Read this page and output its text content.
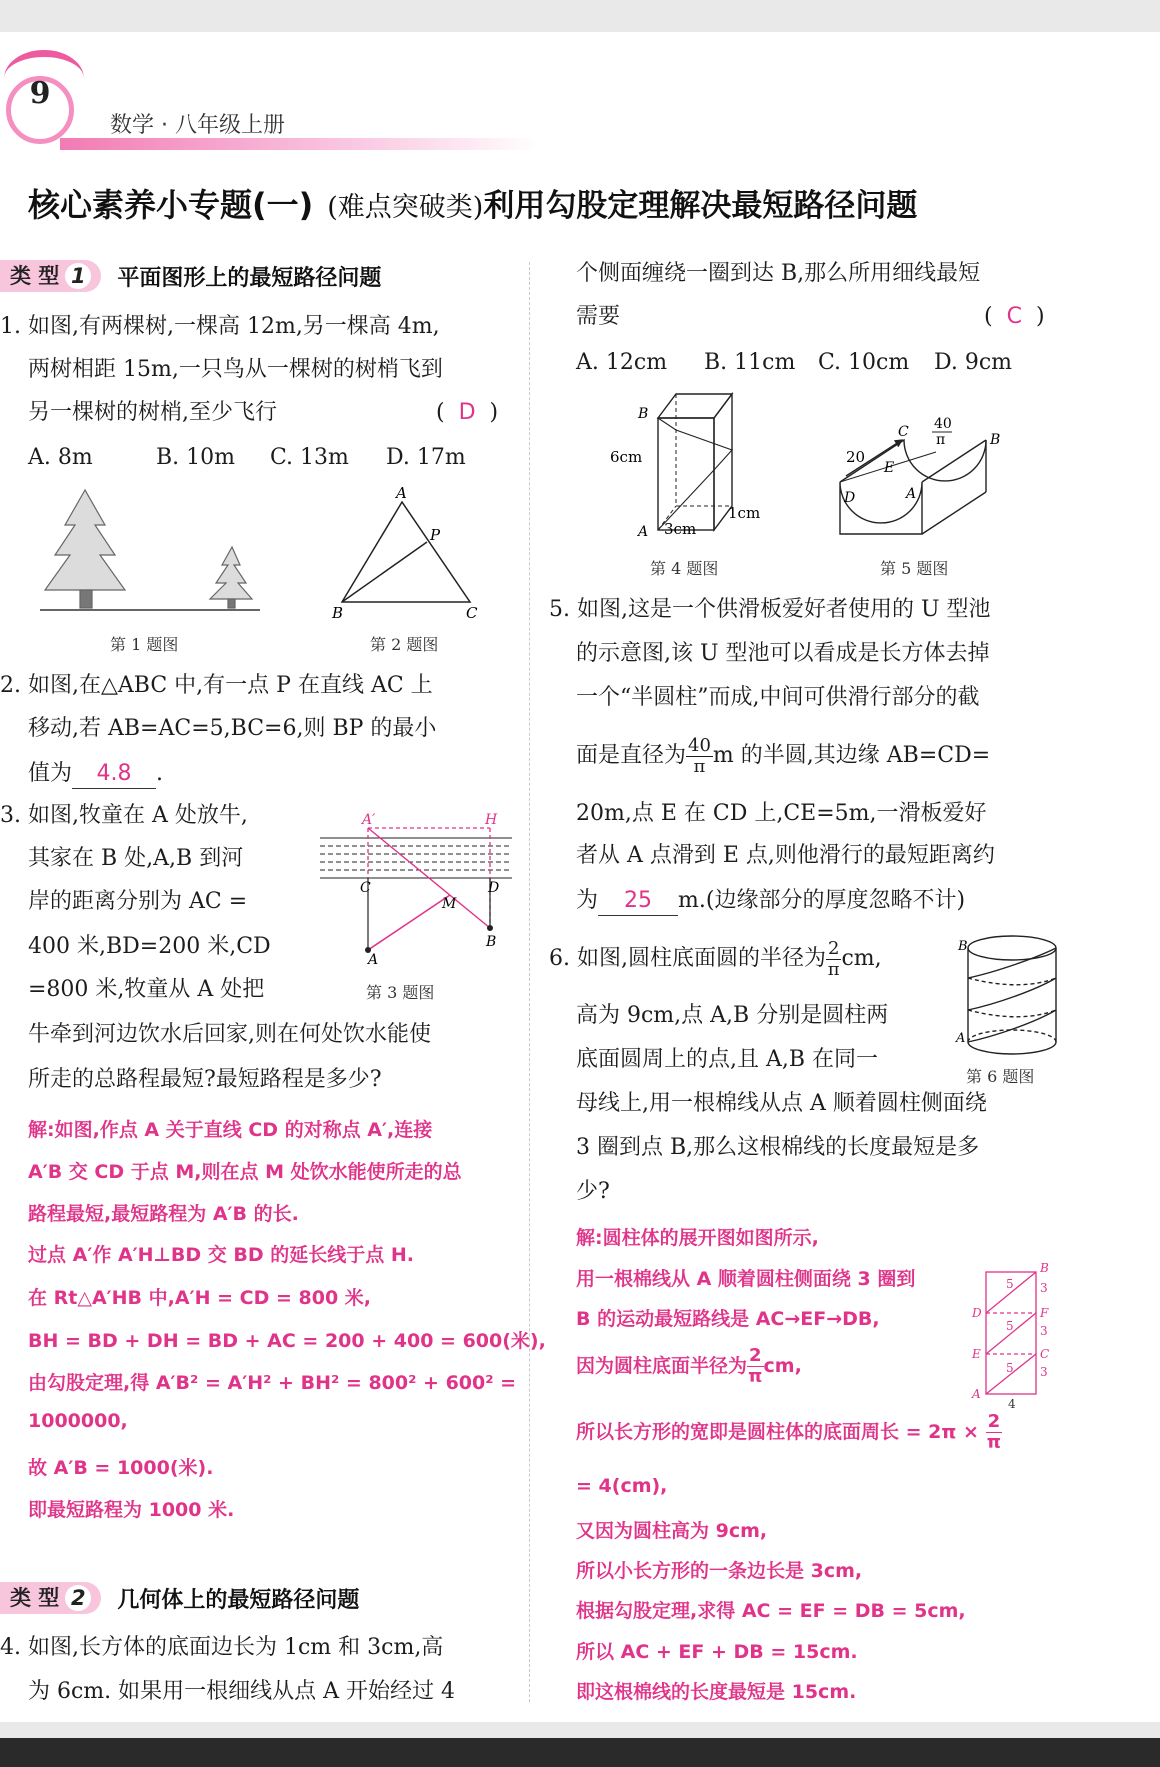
9
数学 · 八年级上册
核心素养小专题(一) (难点突破类)利用勾股定理解决最短路径问题
类 型 1	平面图形上的最短路径问题
1. 如图,有两棵树,一棵高 12m,另一棵高 4m,
两树相距 15m,一只鸟从一棵树的树梢飞到
另一棵树的树梢,至少飞行	( D )
A. 8m	B. 10m C. 13m D. 17m
第 1 题图
A
P
B	C
第 2 题图
2. 如图,在△ABC 中,有一点 P 在直线 AC 上
移动,若 AB=AC=5,BC=6,则 BP 的最小
值为 4.8 .
3. 如图,牧童在 A 处放牛,
其家在 B 处,A,B 到河
岸的距离分别为 AC =
400 米,BD=200 米,CD
=800 米,牧童从 A 处把
牛牵到河边饮水后回家,则在何处饮水能使
所走的总路程最短?最短路程是多少?
A′	H
C	D
M
A
B
第 3 题图
解:如图,作点 A 关于直线 CD 的对称点 A′,连接
A′B 交 CD 于点 M,则在点 M 处饮水能使所走的总
路程最短,最短路程为 A′B 的长.
过点 A′作 A′H⊥BD 交 BD 的延长线于点 H.
在 Rt△A′HB 中,A′H = CD = 800 米,
BH = BD + DH = BD + AC = 200 + 400 = 600(米),
由勾股定理,得 A′B² = A′H² + BH² = 800² + 600² =
1000000,
故 A′B = 1000(米).
即最短路程为 1000 米.
类 型 2	几何体上的最短路径问题
4. 如图,长方体的底面边长为 1cm 和 3cm,高
为 6cm. 如果用一根细线从点 A 开始经过 4
个侧面缠绕一圈到达 B,那么所用细线最短
需要	( C )
A. 12cm B. 11cm C. 10cm D. 9cm
B
6cm
A 3cm
1cm
第 4 题图
40
π
C	B
20
E
D	A
第 5 题图
5. 如图,这是一个供滑板爱好者使用的 U 型池
的示意图,该 U 型池可以看成是长方体去掉
一个“半圆柱”而成,中间可供滑行部分的截
面是直径为 $\frac{40}{\pi}$ m 的半圆,其边缘 AB=CD=
20m,点 E 在 CD 上,CE=5m,一滑板爱好
者从 A 点滑到 E 点,则他滑行的最短距离约
为 25 m.(边缘部分的厚度忽略不计)
6. 如图,圆柱底面圆的半径为 $\frac{2}{\pi}$ cm,
高为 9cm,点 A,B 分别是圆柱两
底面圆周上的点,且 A,B 在同一
母线上,用一根棉线从点 A 顺着圆柱侧面绕
3 圈到点 B,那么这根棉线的长度最短是多
少?
B
A
第 6 题图
解:圆柱体的展开图如图所示,
用一根棉线从 A 顺着圆柱侧面绕 3 圈到
B 的运动最短路线是 AC→EF→DB,
因为圆柱底面半径为 $\frac{2}{\pi}$ cm,
所以长方形的宽即是圆柱体的底面周长 = $2\pi \times \frac{2}{\pi}$
= 4(cm),
又因为圆柱高为 9cm,
所以小长方形的一条边长是 3cm,
根据勾股定理,求得 AC = EF = DB = 5cm,
所以 AC + EF + DB = 15cm.
即这根棉线的长度最短是 15cm.
B
3
F
3
C
3
D
E
A
5
5
5
4
